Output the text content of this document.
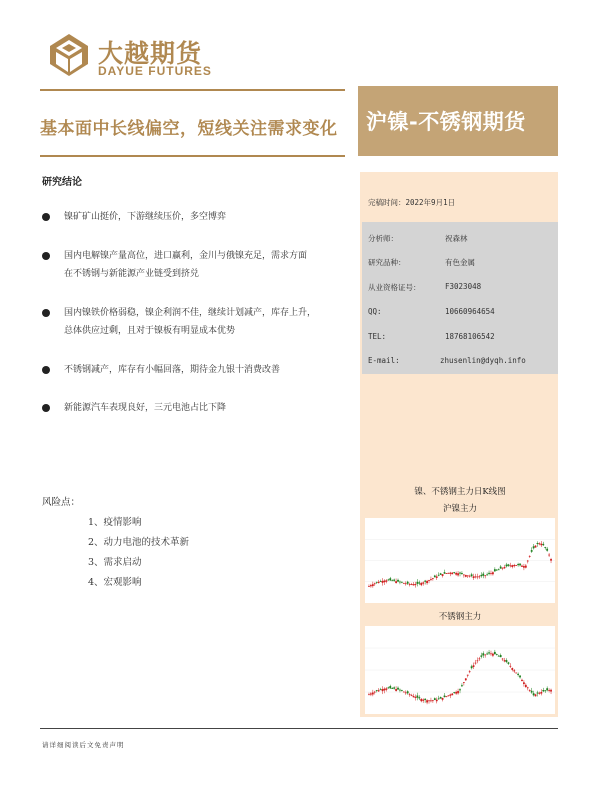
大越期货
DAYUE FUTURES
基本面中长线偏空，短线关注需求变化	沪镍-不锈钢期货
完稿时间：2022年9月1日
分析师：	祝森林
研究品种：	有色金属
从业资格证号：	F3023048
QQ:	10660964654
TEL:	18768106542
E-mail:	zhusenlin@dyqh.info
研究结论
镍矿矿山挺价，下游继续压价，多空博弈
国内电解镍产量高位，进口赢利，金川与俄镍充足，需求方面
在不锈钢与新能源产业链受到挤兑
国内镍铁价格弱稳，镍企利润不佳，继续计划减产，库存上升，
总体供应过剩，且对于镍板有明显成本优势
不锈钢减产，库存有小幅回落，期待金九银十消费改善
新能源汽车表现良好，三元电池占比下降
风险点：
1、疫情影响
2、动力电池的技术革新
3、需求启动
4、宏观影响
镍、不锈钢主力日K线图
沪镍主力
不锈钢主力
请详细阅读后文免责声明
